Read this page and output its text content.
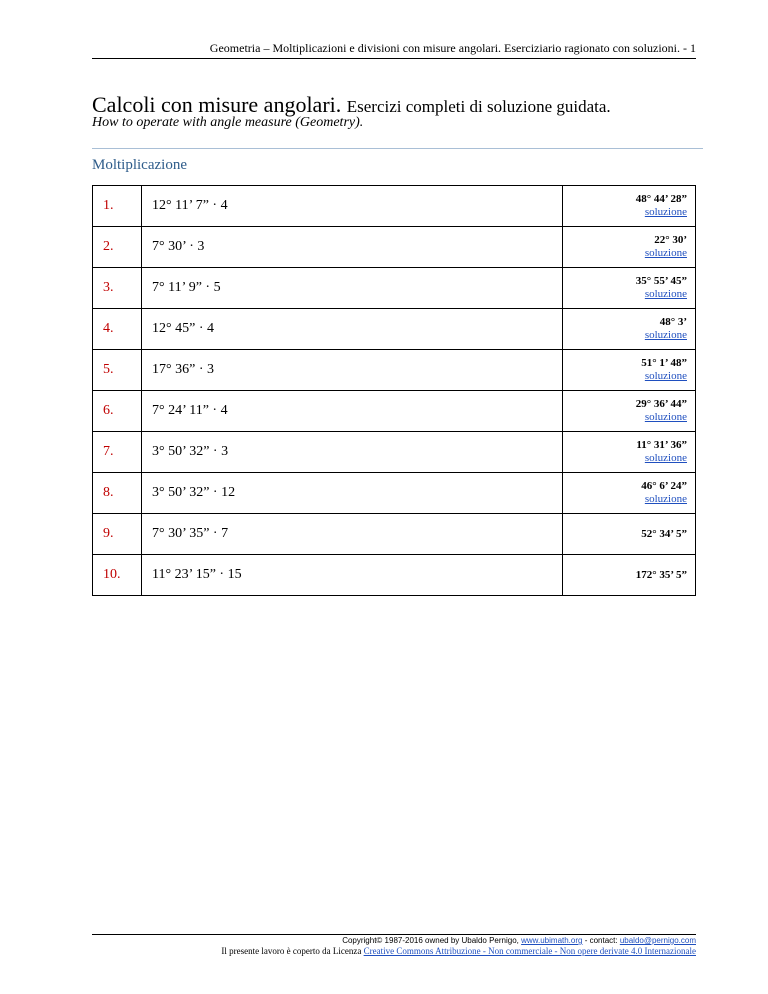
Geometria – Moltiplicazioni e divisioni con misure angolari. Eserciziario ragionato con soluzioni. - 1
Calcoli con misure angolari. Esercizi completi di soluzione guidata.
How to operate with angle measure (Geometry).
Moltiplicazione
1.	12° 11’ 7” · 4	48° 44’ 28”
soluzione

2.	7° 30’ · 3	22° 30’
soluzione

3.	7° 11’ 9” · 5	35° 55’ 45”
soluzione

4.	12° 45” · 4	48° 3’
soluzione

5.	17° 36” · 3	51° 1’ 48”
soluzione

6.	7° 24’ 11” · 4	29° 36’ 44”
soluzione

7.	3° 50’ 32” · 3	11° 31’ 36”
soluzione

8.	3° 50’ 32” · 12	46° 6’ 24”
soluzione

9.	7° 30’ 35” · 7	52° 34’ 5”

10.	11° 23’ 15” · 15	172° 35’ 5”
Copyright© 1987-2016 owned by Ubaldo Pernigo, www.ubimath.org - contact: ubaldo@pernigo.com
Il presente lavoro è coperto da Licenza Creative Commons Attribuzione - Non commerciale - Non opere derivate 4.0 Internazionale
